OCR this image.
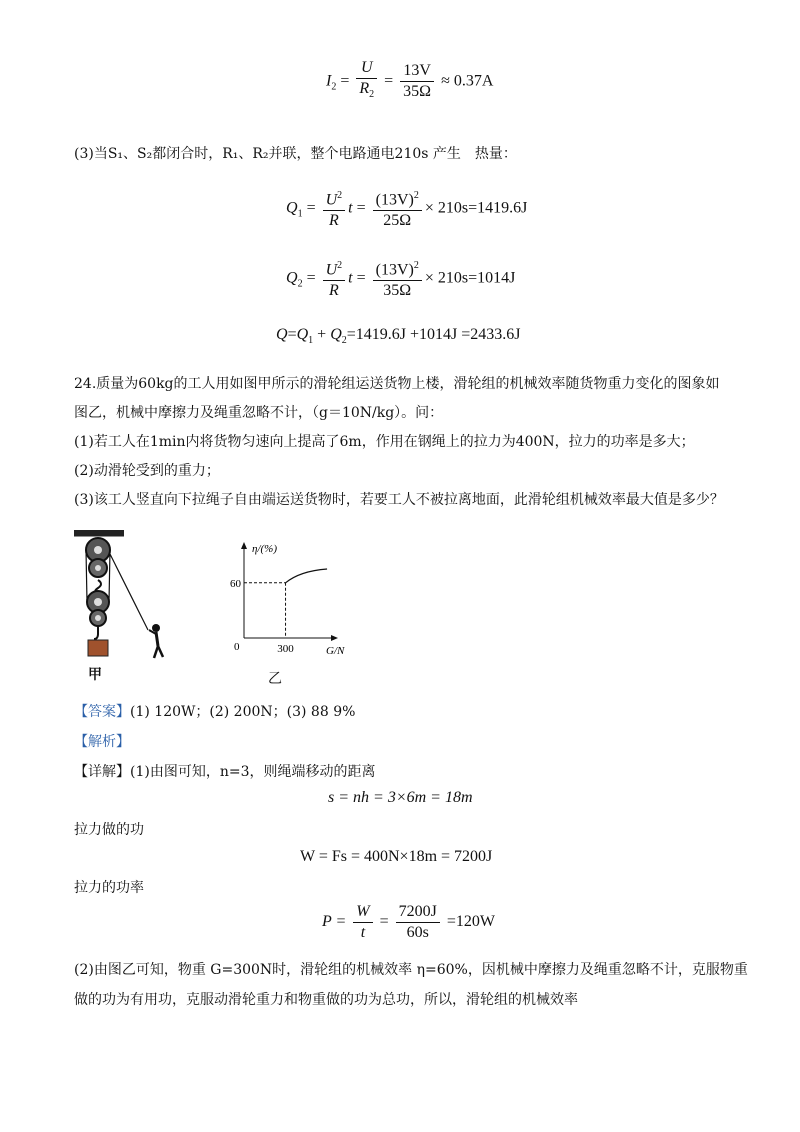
$I_2 = \frac{U}{R_2} = \frac{13V}{35\Omega} \approx 0.37A$
(3)当S₁、S₂都闭合时，R₁、R₂并联，整个电路通电210s 产生　热量：
$Q_1 = \frac{U^2}{R}$ $t = \frac{(13V)^2}{25\Omega} \times 210s=1419.6J$
$Q_2 = \frac{U^2}{R}$ $t = \frac{(13V)^2}{35\Omega} \times 210s=1014J$
$Q=Q_1 + Q_2=1419.6J +1014J =2433.6J$
24.质量为60kg的工人用如图甲所示的滑轮组运送货物上楼，滑轮组的机械效率随货物重力变化的图象如
图乙，机械中摩擦力及绳重忽略不计，（g＝10N/kg）。问：
(1)若工人在1min内将货物匀速向上提高了6m，作用在钢绳上的拉力为400N，拉力的功率是多大；
(2)动滑轮受到的重力；
(3)该工人竖直向下拉绳子自由端运送货物时，若要工人不被拉离地面，此滑轮组机械效率最大值是多少？
甲
η/(%)
G/N
0
60
300
乙
【答案】(1) 120W；(2) 200N；(3) 88 9%
【解析】
【详解】(1)由图可知，n=3，则绳端移动的距离
s = nh = 3×6m = 18m
拉力做的功
W = Fs = 400N×18m = 7200J
拉力的功率
$P = \frac{W}{t} = \frac{7200J}{60s} =120W$
(2)由图乙可知，物重 G=300N时，滑轮组的机械效率 η=60%，因机械中摩擦力及绳重忽略不计，克服物重
做的功为有用功，克服动滑轮重力和物重做的功为总功，所以，滑轮组的机械效率
